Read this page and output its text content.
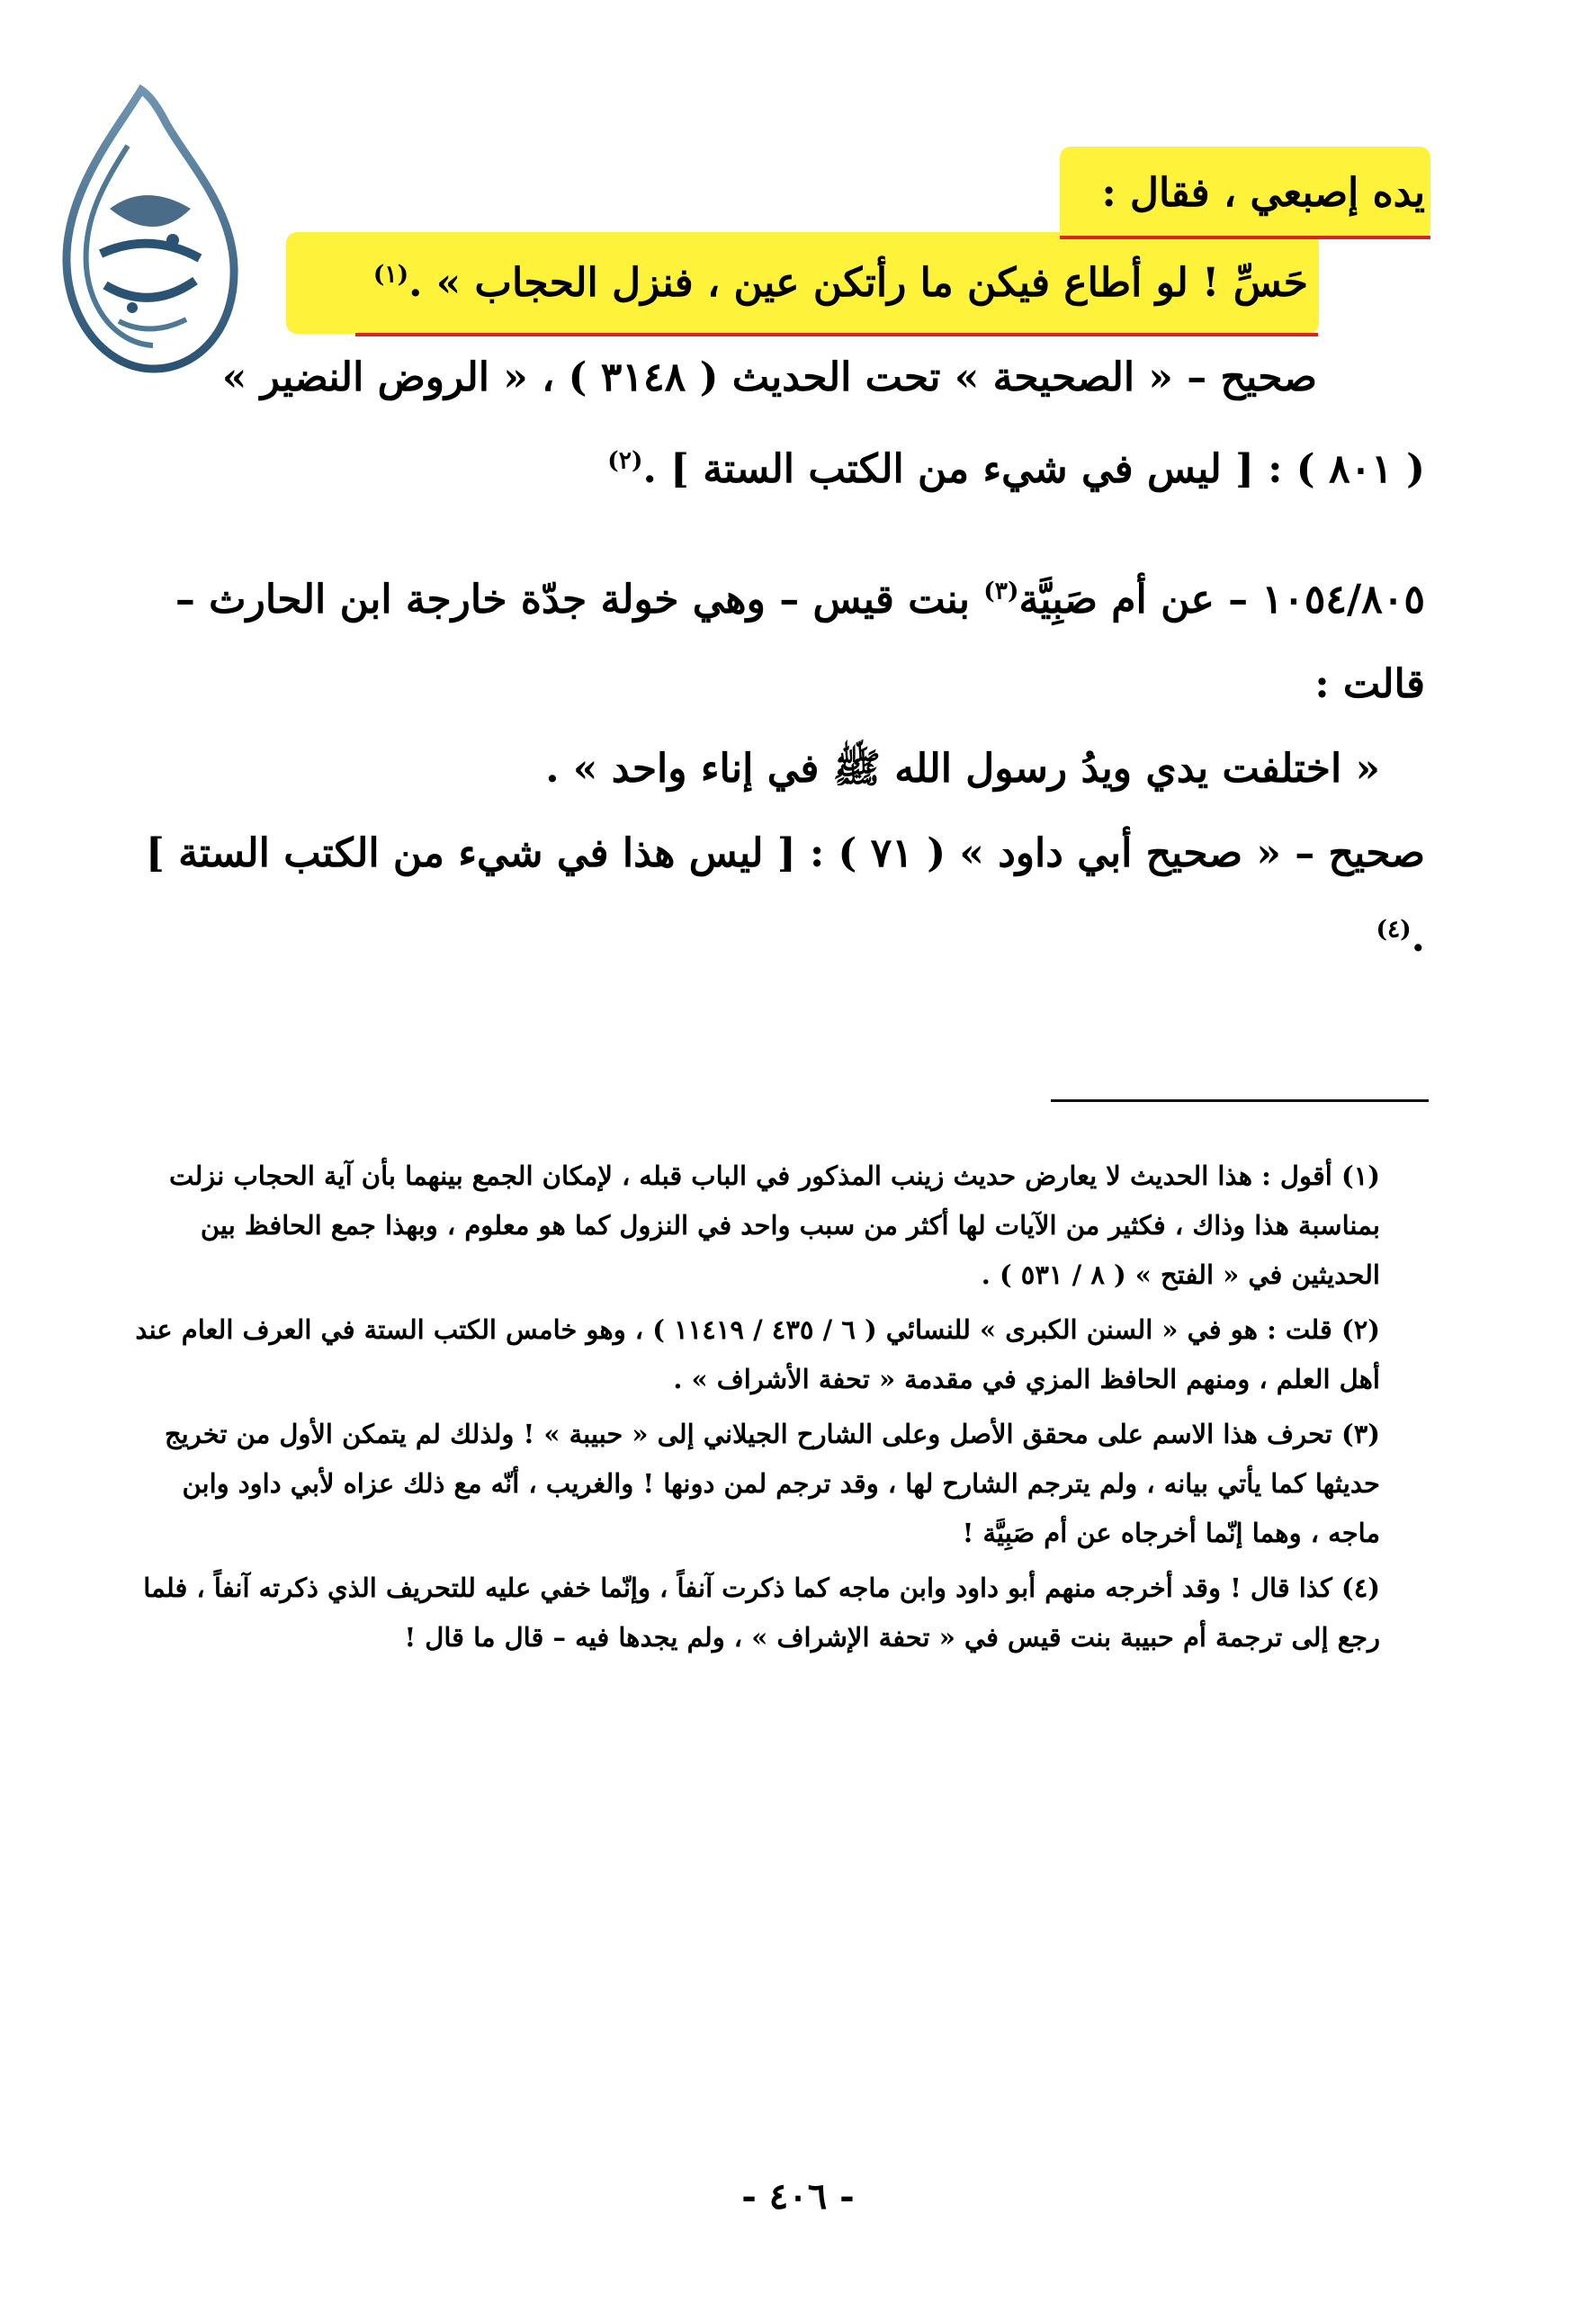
يده إصبعي ، فقال :
حَسِّ ! لو أطاع فيكن ما رأتكن عين ، فنزل الحجاب » .$^{(١)}$
صحيح – « الصحيحة » تحت الحديث ( ٣١٤٨ ) ، « الروض النضير »
( ٨٠١ ) : [ ليس في شيء من الكتب الستة ] .$^{(٢)}$
١٠٥٤/٨٠٥ – عن أم صَبِيَّة$^{(٣)}$ بنت قيس – وهي خولة جدّة خارجة ابن الحارث – قالت :
« اختلفت يدي ويدُ رسول الله ﷺ في إناء واحد » .
صحيح – « صحيح أبي داود » ( ٧١ ) : [ ليس هذا في شيء من الكتب الستة ] .$^{(٤)}$

(١) أقول : هذا الحديث لا يعارض حديث زينب المذكور في الباب قبله ، لإمكان الجمع بينهما بأن آية الحجاب نزلت بمناسبة هذا وذاك ، فكثير من الآيات لها أكثر من سبب واحد في النزول كما هو معلوم ، وبهذا جمع الحافظ بين الحديثين في « الفتح » ( ٨ / ٥٣١ ) .

(٢) قلت : هو في « السنن الكبرى » للنسائي ( ٦ / ٤٣٥ / ١١٤١٩ ) ، وهو خامس الكتب الستة في العرف العام عند أهل العلم ، ومنهم الحافظ المزي في مقدمة « تحفة الأشراف » .

(٣) تحرف هذا الاسم على محقق الأصل وعلى الشارح الجيلاني إلى « حبيبة » ! ولذلك لم يتمكن الأول من تخريج حديثها كما يأتي بيانه ، ولم يترجم الشارح لها ، وقد ترجم لمن دونها ! والغريب ، أنّه مع ذلك عزاه لأبي داود وابن ماجه ، وهما إنّما أخرجاه عن أم صَبِيَّة !

(٤) كذا قال ! وقد أخرجه منهم أبو داود وابن ماجه كما ذكرت آنفاً ، وإنّما خفي عليه للتحريف الذي ذكرته آنفاً ، فلما رجع إلى ترجمة أم حبيبة بنت قيس في « تحفة الإشراف » ، ولم يجدها فيه – قال ما قال !

- ٤٠٦ -
